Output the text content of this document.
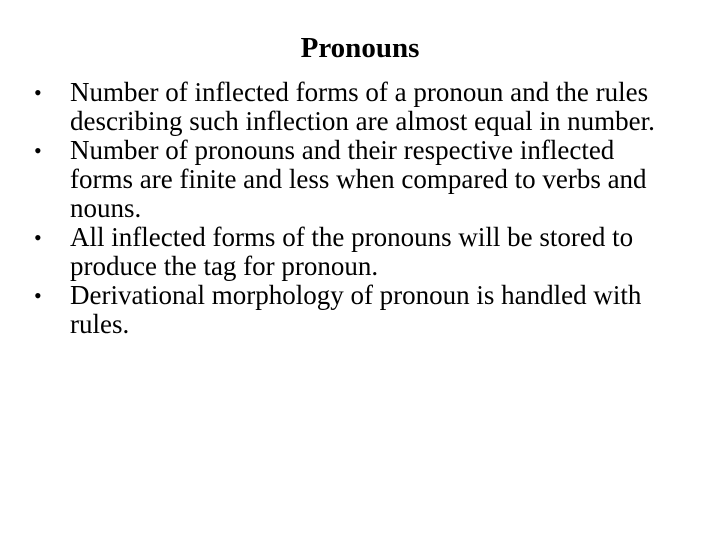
Pronouns
•	Number of inflected forms of a pronoun and the rules describing such inflection are almost equal in number.
•	Number of pronouns and their respective inflected forms are finite and less when compared to verbs and nouns.
•	All inflected forms of the pronouns will be stored to produce the tag for pronoun.
•	Derivational morphology of pronoun is handled with rules.
